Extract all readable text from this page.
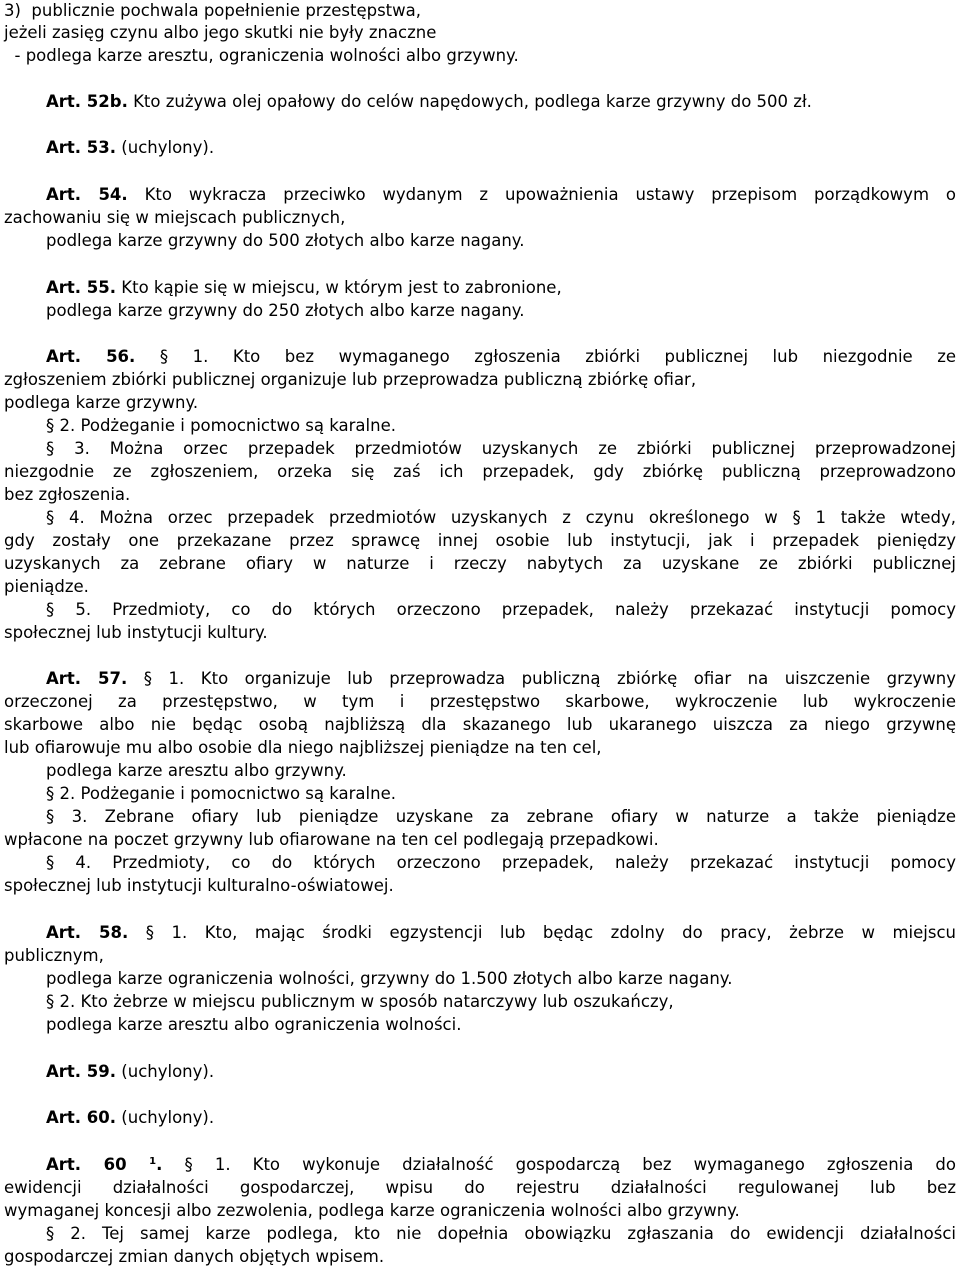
3)  publicznie pochwala popełnienie przestępstwa,
jeżeli zasięg czynu albo jego skutki nie były znaczne
- podlega karze aresztu, ograniczenia wolności albo grzywny.
Art. 52b. Kto zużywa olej opałowy do celów napędowych, podlega karze grzywny do 500 zł.
Art. 53. (uchylony).
Art. 54. Kto wykracza przeciwko wydanym z upoważnienia ustawy przepisom porządkowym o
zachowaniu się w miejscach publicznych,
podlega karze grzywny do 500 złotych albo karze nagany.
Art. 55. Kto kąpie się w miejscu, w którym jest to zabronione,
podlega karze grzywny do 250 złotych albo karze nagany.
Art. 56. § 1. Kto bez wymaganego zgłoszenia zbiórki publicznej lub niezgodnie ze
zgłoszeniem zbiórki publicznej organizuje lub przeprowadza publiczną zbiórkę ofiar,
podlega karze grzywny.
§ 2. Podżeganie i pomocnictwo są karalne.
§ 3. Można orzec przepadek przedmiotów uzyskanych ze zbiórki publicznej przeprowadzonej
niezgodnie ze zgłoszeniem, orzeka się zaś ich przepadek, gdy zbiórkę publiczną przeprowadzono
bez zgłoszenia.
§ 4. Można orzec przepadek przedmiotów uzyskanych z czynu określonego w § 1 także wtedy,
gdy zostały one przekazane przez sprawcę innej osobie lub instytucji, jak i przepadek pieniędzy
uzyskanych za zebrane ofiary w naturze i rzeczy nabytych za uzyskane ze zbiórki publicznej
pieniądze.
§ 5. Przedmioty, co do których orzeczono przepadek, należy przekazać instytucji pomocy
społecznej lub instytucji kultury.
Art. 57. § 1. Kto organizuje lub przeprowadza publiczną zbiórkę ofiar na uiszczenie grzywny
orzeczonej za przestępstwo, w tym i przestępstwo skarbowe, wykroczenie lub wykroczenie
skarbowe albo nie będąc osobą najbliższą dla skazanego lub ukaranego uiszcza za niego grzywnę
lub ofiarowuje mu albo osobie dla niego najbliższej pieniądze na ten cel,
podlega karze aresztu albo grzywny.
§ 2. Podżeganie i pomocnictwo są karalne.
§ 3. Zebrane ofiary lub pieniądze uzyskane za zebrane ofiary w naturze a także pieniądze
wpłacone na poczet grzywny lub ofiarowane na ten cel podlegają przepadkowi.
§ 4. Przedmioty, co do których orzeczono przepadek, należy przekazać instytucji pomocy
społecznej lub instytucji kulturalno-oświatowej.
Art. 58. § 1. Kto, mając środki egzystencji lub będąc zdolny do pracy, żebrze w miejscu
publicznym,
podlega karze ograniczenia wolności, grzywny do 1.500 złotych albo karze nagany.
§ 2. Kto żebrze w miejscu publicznym w sposób natarczywy lub oszukańczy,
podlega karze aresztu albo ograniczenia wolności.
Art. 59. (uchylony).
Art. 60. (uchylony).
Art. 60 $^1$. § 1. Kto wykonuje działalność gospodarczą bez wymaganego zgłoszenia do
ewidencji działalności gospodarczej, wpisu do rejestru działalności regulowanej lub bez
wymaganej koncesji albo zezwolenia, podlega karze ograniczenia wolności albo grzywny.
§ 2. Tej samej karze podlega, kto nie dopełnia obowiązku zgłaszania do ewidencji działalności
gospodarczej zmian danych objętych wpisem.
